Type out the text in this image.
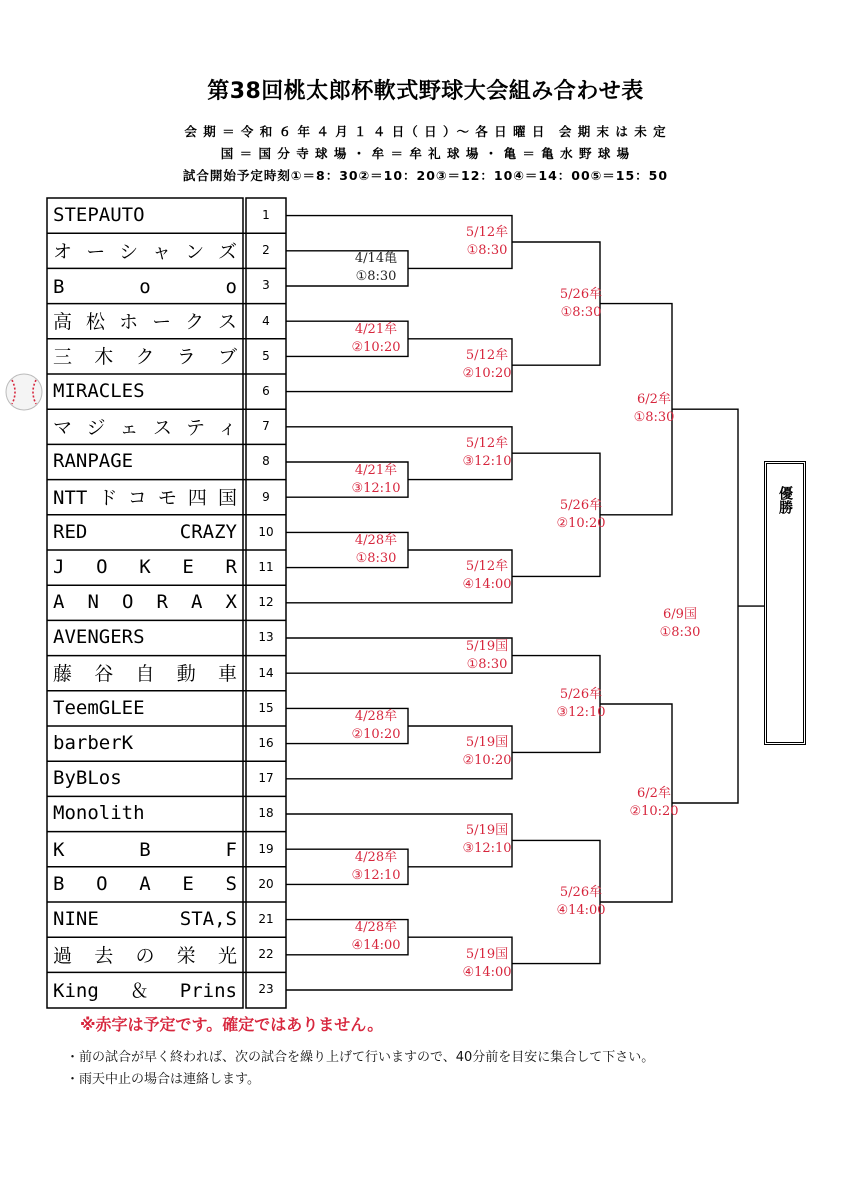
第38回桃太郎杯軟式野球大会組み合わせ表
会 期 ＝ 令 和 ６ 年 ４ 月 １ ４ 日（ 日 ）〜 各 日 曜 日　会 期 末 は 未 定
国 ＝ 国 分 寺 球 場 ・ 牟 ＝ 牟 礼 球 場 ・ 亀 ＝ 亀 水 野 球 場
試合開始予定時刻①＝8：30②＝10：20③＝12：10④＝14：00⑤＝15：50
STEPAUTO	1
オーシャンズ	2
B　o　o	3
高松ホークス	4
三木クラブ	5
MIRACLES	6
マジェスティ	7
RANPAGE	8
NTTドコモ四国	9
RED CRAZY	10
J O K E R	11
A N O R A X	12
AVENGERS	13
藤谷自動車	14
TeemGLEE	15
barberK	16
ByBLos	17
Monolith	18
K　B　F	19
B O A E S	20
NINE STA,S	21
過去の栄光	22
King＆Prins	23
4/14亀
①8:30
4/21牟
②10:20
4/21牟
③12:10
4/28牟
①8:30
4/28牟
②10:20
4/28牟
③12:10
4/28牟
④14:00
5/12牟
①8:30
5/12牟
②10:20
5/12牟
③12:10
5/12牟
④14:00
5/19国
①8:30
5/19国
②10:20
5/19国
③12:10
5/19国
④14:00
5/26牟
①8:30
5/26牟
②10:20
5/26牟
③12:10
5/26牟
④14:00
6/2牟
①8:30
6/2牟
②10:20
6/9国
①8:30
優勝
※赤字は予定です。確定ではありません。
・前の試合が早く終われば、次の試合を繰り上げて行いますので、40分前を目安に集合して下さい。
・雨天中止の場合は連絡します。
